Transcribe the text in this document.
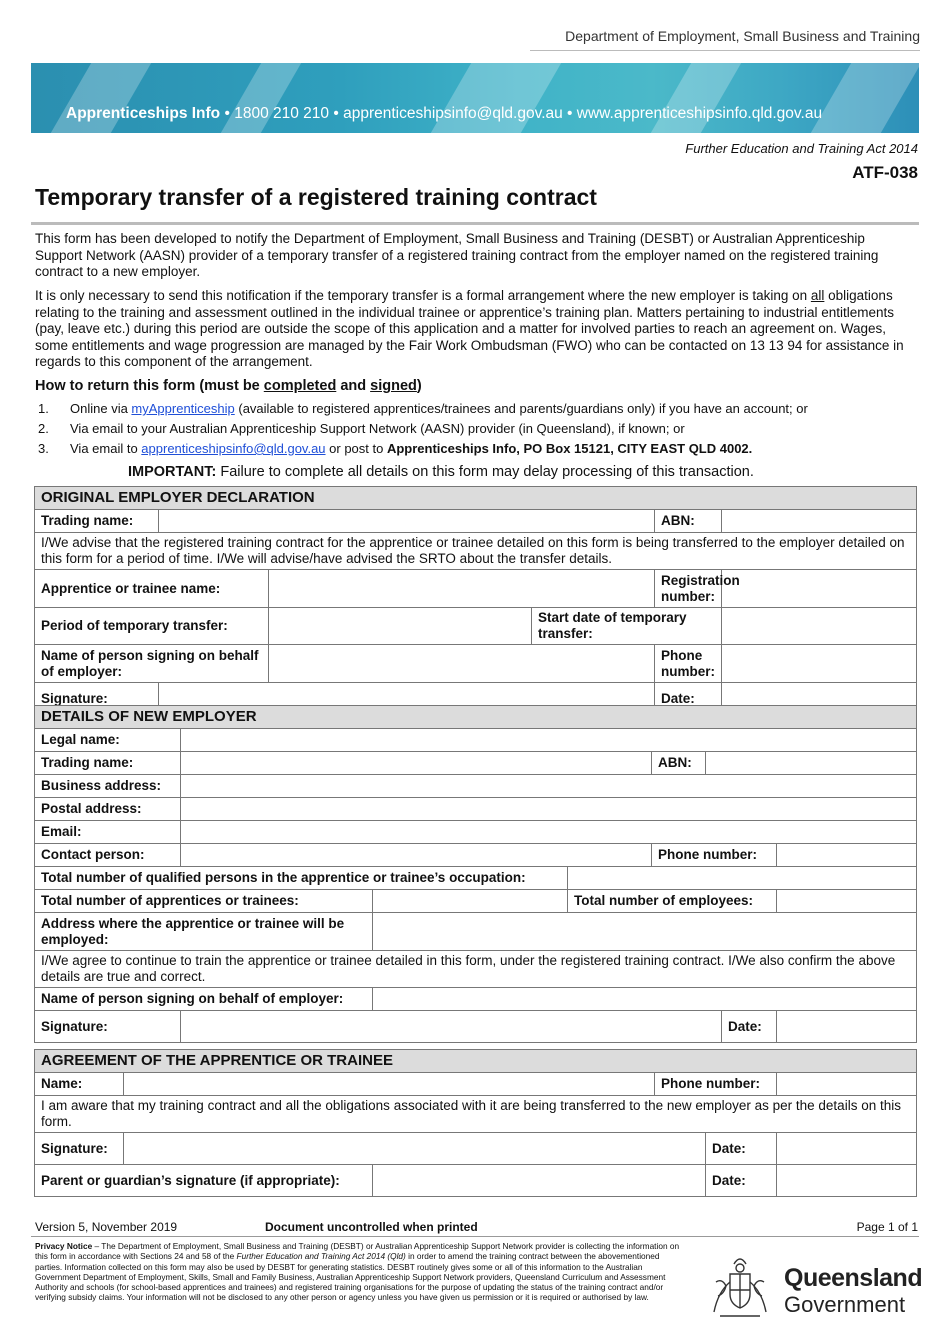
Department of Employment, Small Business and Training
Apprenticeships Info • 1800 210 210 • apprenticeshipsinfo@qld.gov.au • www.apprenticeshipsinfo.qld.gov.au
Further Education and Training Act 2014
ATF-038
Temporary transfer of a registered training contract
This form has been developed to notify the Department of Employment, Small Business and Training (DESBT) or Australian Apprenticeship Support Network (AASN) provider of a temporary transfer of a registered training contract from the employer named on the registered training contract to a new employer.
It is only necessary to send this notification if the temporary transfer is a formal arrangement where the new employer is taking on all obligations relating to the training and assessment outlined in the individual trainee or apprentice’s training plan. Matters pertaining to industrial entitlements (pay, leave etc.) during this period are outside the scope of this application and a matter for involved parties to reach an agreement on. Wages, some entitlements and wage progression are managed by the Fair Work Ombudsman (FWO) who can be contacted on 13 13 94 for assistance in regards to this component of the arrangement.
How to return this form (must be completed and signed)
1.	Online via myApprenticeship (available to registered apprentices/trainees and parents/guardians only) if you have an account; or
2.	Via email to your Australian Apprenticeship Support Network (AASN) provider (in Queensland), if known; or
3.	Via email to apprenticeshipsinfo@qld.gov.au or post to Apprenticeships Info, PO Box 15121, CITY EAST QLD 4002.
IMPORTANT: Failure to complete all details on this form may delay processing of this transaction.
ORIGINAL EMPLOYER DECLARATION					
Trading name:				ABN:	
I/We advise that the registered training contract for the apprentice or trainee detailed on this form is being transferred to the employer detailed on this form for a period of time. I/We will advise/have advised the SRTO about the transfer details.					
Apprentice or trainee name:				Registration number:	
Period of temporary transfer:			Start date of temporary transfer:		
Name of person signing on behalf of employer:				Phone number:	
Signature:				Date:	
DETAILS OF NEW EMPLOYER							
Legal name:							
Trading name:				ABN:			
Business address:							
Postal address:							
Email:							
Contact person:				Phone number:			
Total number of qualified persons in the apprentice or trainee’s occupation:							
Total number of apprentices or trainees:			Total number of employees:				
Address where the apprentice or trainee will be employed:							
I/We agree to continue to train the apprentice or trainee detailed in this form, under the registered training contract. I/We also confirm the above details are true and correct.							
Name of person signing on behalf of employer:							
Signature:						Date:	
AGREEMENT OF THE APPRENTICE OR TRAINEE					
Name:			Phone number:		
I am aware that my training contract and all the obligations associated with it are being transferred to the new employer as per the details on this form.					
Signature:				Date:	
Parent or guardian’s signature (if appropriate):				Date:	
Version 5, November 2019	Document uncontrolled when printed	Page 1 of 1
Privacy Notice – The Department of Employment, Small Business and Training (DESBT) or Australian Apprenticeship Support Network provider is collecting the information on this form in accordance with Sections 24 and 58 of the Further Education and Training Act 2014 (Qld) in order to amend the training contract between the abovementioned parties. Information collected on this form may also be used by DESBT for generating statistics. DESBT routinely gives some or all of this information to the Australian Government Department of Employment, Skills, Small and Family Business, Australian Apprenticeship Support Network providers, Queensland Curriculum and Assessment Authority and schools (for school-based apprentices and trainees) and registered training organisations for the purpose of updating the status of the training contract and/or verifying subsidy claims. Your information will not be disclosed to any other person or agency unless you have given us permission or it is required or authorised by law.
Queensland
Government
